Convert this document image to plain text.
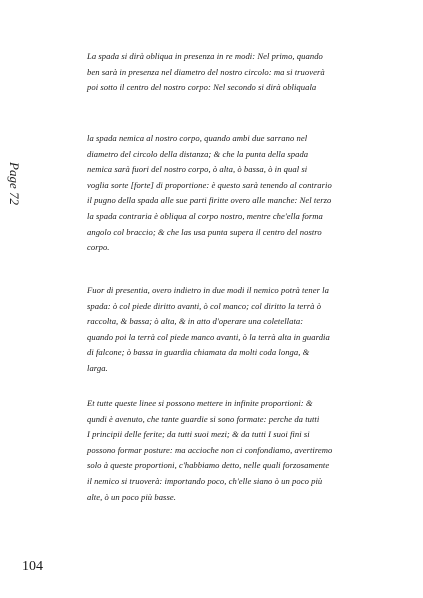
Page 72

La spada si dirà obliqua in presenza in re modi: Nel primo, quando
ben sarà in presenza nel diametro del nostro circolo: ma si truoverà
poi sotto il centro del nostro corpo: Nel secondo si dirà obliquala

la spada nemica al nostro corpo, quando ambi due sarrano nel
diametro del circolo della distanza; & che la punta della spada
nemica sarà fuori del nostro corpo, ò alta, ò bassa, ò in qual si
voglia sorte [forte] di proportione: è questo sarà tenendo al contrario
il pugno della spada alle sue parti firitte overo alle manche: Nel terzo
la spada contraria è obliqua al corpo nostro, mentre che'ella forma
angolo col braccio; & che las usa punta supera il centro del nostro
corpo.

Fuor di presentia, overo indietro in due modi il nemico potrà tener la
spada: ò col piede diritto avanti, ò col manco; col diritto la terrà ò
raccolta, & bassa; ò alta, & in atto d'operare una coletellata:
quando poi la terrà col piede manco avanti, ò la terrà alta in guardia
di falcone; ò bassa in guardia chiamata da molti coda longa, &
larga.

Et tutte queste linee si possono mettere in infinite proportioni: &
qundi è avenuto, che tante guardie si sono formate: perche da tutti
I principii delle ferite; da tutti suoi mezi; & da tutti I suoi fini si
possono formar posture: ma accioche non ci confondiamo, avertiremo
solo à queste proportioni, c'habbiamo detto, nelle quali forzosamente
il nemico si truoverà: importando poco, ch'elle siano ò un poco più
alte, ò un poco più basse.

104
